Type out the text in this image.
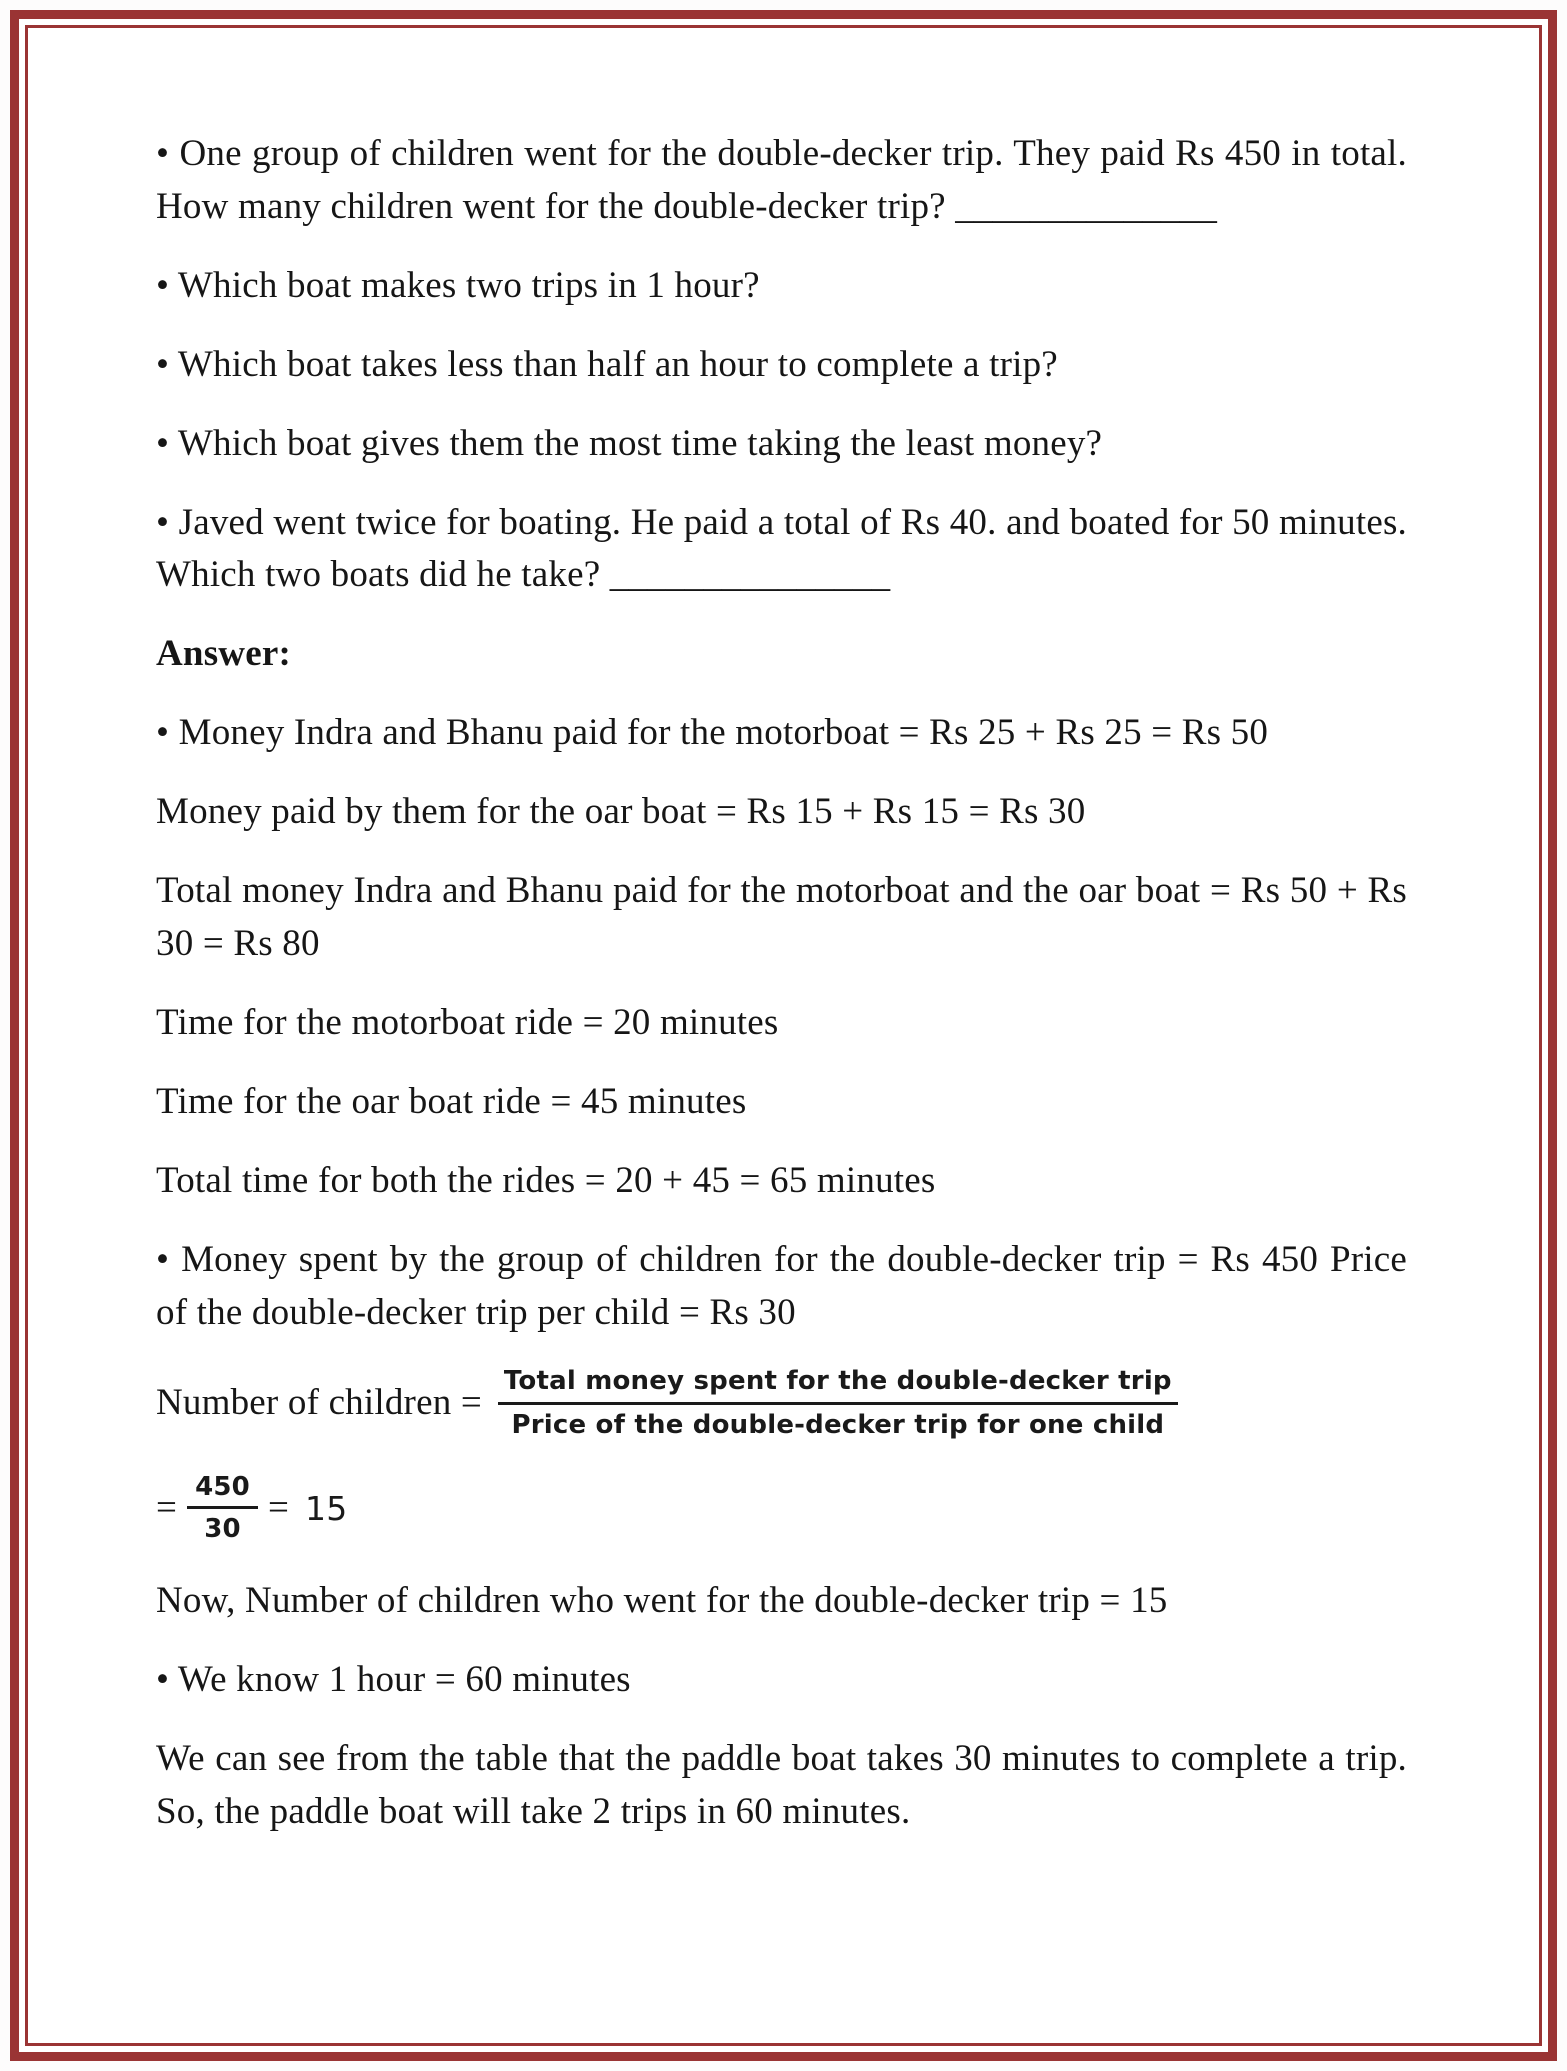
• One group of children went for the double-decker trip. They paid Rs 450 in total. How many children went for the double-decker trip? ______________

• Which boat makes two trips in 1 hour?

• Which boat takes less than half an hour to complete a trip?

• Which boat gives them the most time taking the least money?

• Javed went twice for boating. He paid a total of Rs 40. and boated for 50 minutes. Which two boats did he take? _______________

Answer:

• Money Indra and Bhanu paid for the motorboat = Rs 25 + Rs 25 = Rs 50

Money paid by them for the oar boat = Rs 15 + Rs 15 = Rs 30

Total money Indra and Bhanu paid for the motorboat and the oar boat = Rs 50 + Rs 30 = Rs 80

Time for the motorboat ride = 20 minutes

Time for the oar boat ride = 45 minutes

Total time for both the rides = 20 + 45 = 65 minutes

• Money spent by the group of children for the double-decker trip = Rs 450 Price of the double-decker trip per child = Rs 30

Number of children = $\frac{\text{Total money spent for the double-decker trip}}{\text{Price of the double-decker trip for one child}}$
= $\frac{450}{30} = 15$

Now, Number of children who went for the double-decker trip = 15

• We know 1 hour = 60 minutes

We can see from the table that the paddle boat takes 30 minutes to complete a trip. So, the paddle boat will take 2 trips in 60 minutes.
